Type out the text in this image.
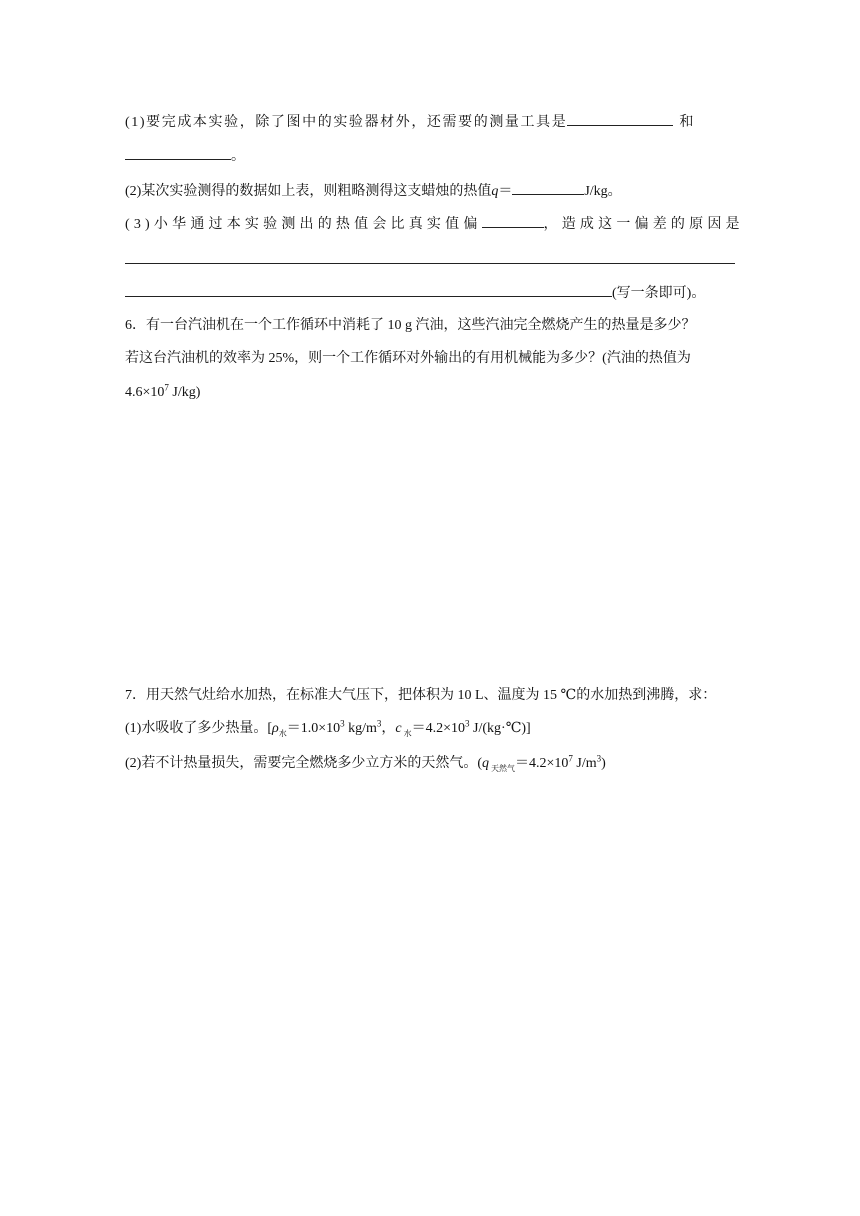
(1)要完成本实验，除了图中的实验器材外，还需要的测量工具是	和
。
(2)某次实验测得的数据如上表，则粗略测得这支蜡烛的热值q＝	J/kg。
(3)小华通过本实验测出的热值会比真实值偏	，造成这一偏差的原因是
(写一条即可)。
6．有一台汽油机在一个工作循环中消耗了 10 g 汽油，这些汽油完全燃烧产生的热量是多少？
若这台汽油机的效率为 25%，则一个工作循环对外输出的有用机械能为多少？(汽油的热值为
$4.6\times 10^7$ J/kg)
7．用天然气灶给水加热，在标准大气压下，把体积为 10 L、温度为 15 ℃的水加热到沸腾，求：
(1)水吸收了多少热量。[$\rho_水=1.0\times 10^3$ $kg/m^3$，c $_水=4.2\times 10^3$ J/(kg·℃)]
(2)若不计热量损失，需要完全燃烧多少立方米的天然气。(q $_{天然气}=4.2\times 10^7$ $J/m^3$)
